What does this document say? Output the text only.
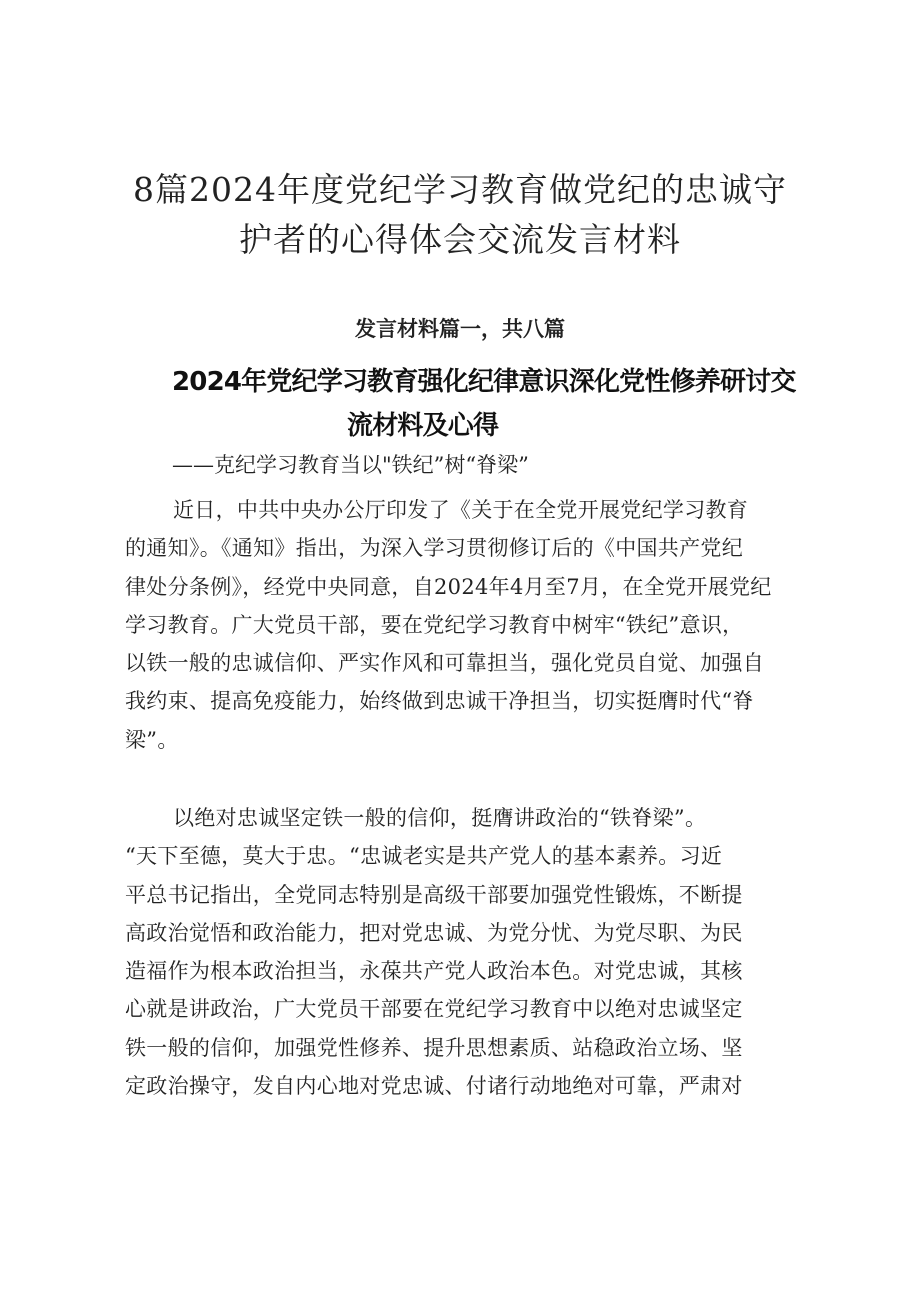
8篇2024年度党纪学习教育做党纪的忠诚守
护者的心得体会交流发言材料
发言材料篇一，共八篇
2024年党纪学习教育强化纪律意识深化党性修养研讨交
流材料及心得
——克纪学习教育当以"铁纪”树“脊梁”
近日，中共中央办公厅印发了《关于在全党开展党纪学习教育
的通知》。《通知》指出，为深入学习贯彻修订后的《中国共产党纪
律处分条例》，经党中央同意，自2024年4月至7月，在全党开展党纪
学习教育。广大党员干部，要在党纪学习教育中树牢“铁纪”意识，
以铁一般的忠诚信仰、严实作风和可靠担当，强化党员自觉、加强自
我约束、提高免疫能力，始终做到忠诚干净担当，切实挺膺时代“脊
梁”。
以绝对忠诚坚定铁一般的信仰，挺膺讲政治的“铁脊梁”。
“天下至德，莫大于忠。“忠诚老实是共产党人的基本素养。习近
平总书记指出，全党同志特别是高级干部要加强党性锻炼，不断提
高政治觉悟和政治能力，把对党忠诚、为党分忧、为党尽职、为民
造福作为根本政治担当，永葆共产党人政治本色。对党忠诚，其核
心就是讲政治，广大党员干部要在党纪学习教育中以绝对忠诚坚定
铁一般的信仰，加强党性修养、提升思想素质、站稳政治立场、坚
定政治操守，发自内心地对党忠诚、付诸行动地绝对可靠，严肃对
